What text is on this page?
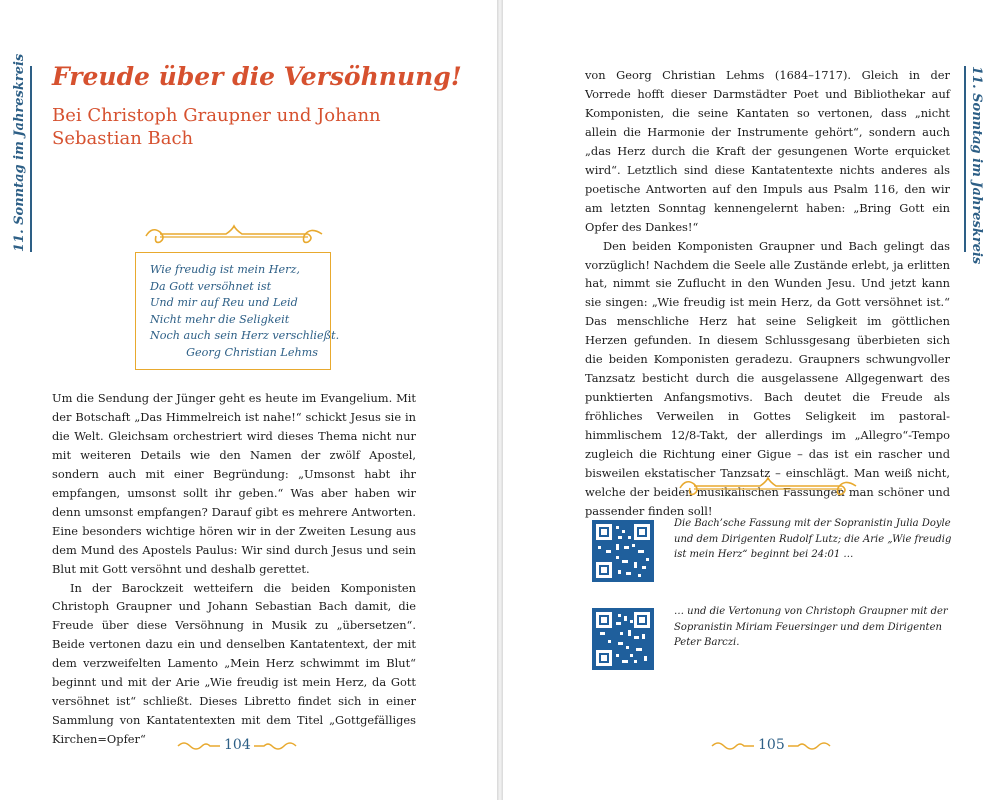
11. Sonntag im Jahreskreis Freude über die Versöhnung!
Bei Christoph Graupner und Johann Sebastian Bach
Wie freudig ist mein Herz,
Da Gott versöhnet ist
Und mir auf Reu und Leid
Nicht mehr die Seligkeit
Noch auch sein Herz verschließt.
Georg Christian Lehms

Um die Sendung der Jünger geht es heute im Evangelium. Mit der Botschaft „Das Himmelreich ist nahe!“ schickt Jesus sie in die Welt. Gleichsam orchestriert wird dieses Thema nicht nur mit weiteren Details wie den Namen der zwölf Apostel, sondern auch mit einer Begründung: „Umsonst habt ihr empfangen, umsonst sollt ihr geben.“ Was aber haben wir denn umsonst empfangen? Darauf gibt es mehrere Antworten. Eine besonders wichtige hören wir in der Zweiten Lesung aus dem Mund des Apostels Paulus: Wir sind durch Jesus und sein Blut mit Gott versöhnt und deshalb gerettet.

In der Barockzeit wetteifern die beiden Komponisten Christoph Graupner und Johann Sebastian Bach damit, die Freude über diese Versöhnung in Musik zu „übersetzen“. Beide vertonen dazu ein und denselben Kantatentext, der mit dem verzweifelten Lamento „Mein Herz schwimmt im Blut“ beginnt und mit der Arie „Wie freudig ist mein Herz, da Gott versöhnet ist“ schließt. Dieses Libretto findet sich in einer Sammlung von Kantatentexten mit dem Titel „Gottgefälliges Kirchen=Opfer“	104
11. Sonntag im Jahreskreis

von Georg Christian Lehms (1684–1717). Gleich in der Vorrede hofft dieser Darmstädter Poet und Bibliothekar auf Komponisten, die seine Kantaten so vertonen, dass „nicht allein die Harmonie der Instrumente gehört“, sondern auch „das Herz durch die Kraft der gesungenen Worte erquicket wird“. Letztlich sind diese Kantatentexte nichts anderes als poetische Antworten auf den Impuls aus Psalm 116, den wir am letzten Sonntag kennengelernt haben: „Bring Gott ein Opfer des Dankes!“

Den beiden Komponisten Graupner und Bach gelingt das vorzüglich! Nachdem die Seele alle Zustände erlebt, ja erlitten hat, nimmt sie Zuflucht in den Wunden Jesu. Und jetzt kann sie singen: „Wie freudig ist mein Herz, da Gott versöhnet ist.“ Das menschliche Herz hat seine Seligkeit im göttlichen Herzen gefunden. In diesem Schlussgesang überbieten sich die beiden Komponisten geradezu. Graupners schwungvoller Tanzsatz besticht durch die ausgelassene Allgegenwart des punktierten Anfangsmotivs. Bach deutet die Freude als fröhliches Verweilen in Gottes Seligkeit im pastoral-himmlischem 12/8-Takt, der allerdings im „Allegro“-Tempo zugleich die Richtung einer Gigue – das ist ein rascher und bisweilen ekstatischer Tanzsatz – einschlägt. Man weiß nicht, welche der beiden musikalischen Fassungen man schöner und passender finden soll!

Die Bach’sche Fassung mit der Sopranistin Julia Doyle und dem Dirigenten Rudolf Lutz; die Arie „Wie freudig ist mein Herz“ beginnt bei 24:01 …
… und die Vertonung von Christoph Graupner mit der Sopranistin Miriam Feuersinger und dem Dirigenten Peter Barczi.
105
